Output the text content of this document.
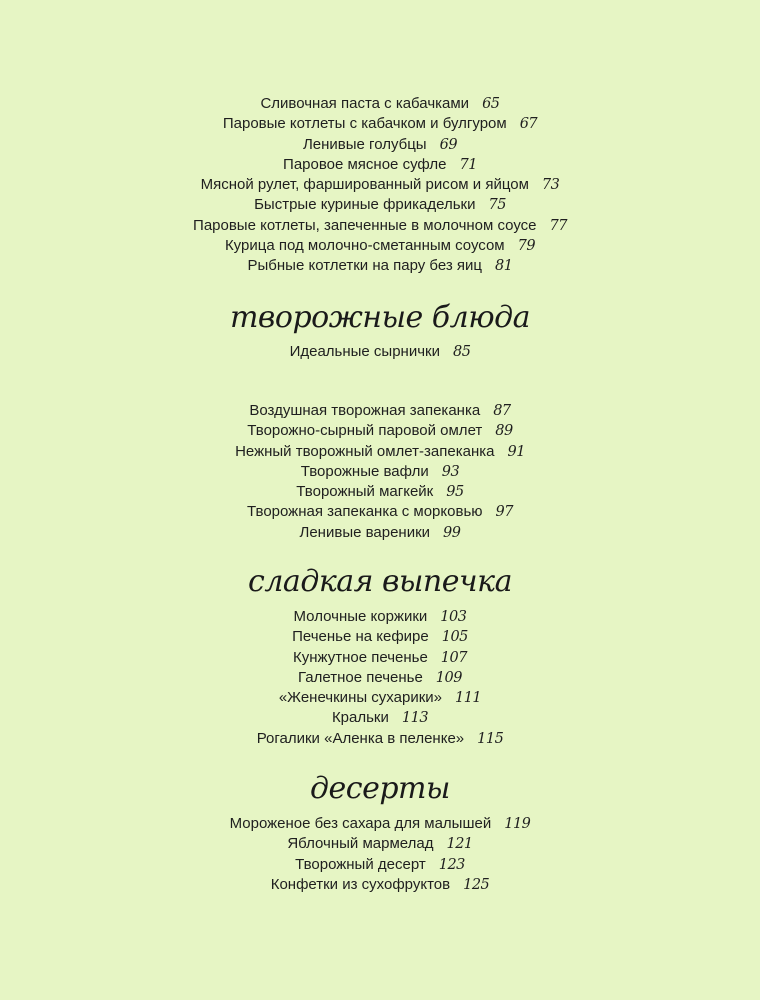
Сливочная паста с кабачками 65
Паровые котлеты с кабачком и булгуром 67
Ленивые голубцы 69
Паровое мясное суфле 71
Мясной рулет, фаршированный рисом и яйцом 73
Быстрые куриные фрикадельки 75
Паровые котлеты, запеченные в молочном соусе 77
Курица под молочно-сметанным соусом 79
Рыбные котлетки на пару без яиц 81
творожные блюда
Идеальные сырнички 85
Воздушная творожная запеканка 87
Творожно-сырный паровой омлет 89
Нежный творожный омлет-запеканка 91
Творожные вафли 93
Творожный магкейк 95
Творожная запеканка с морковью 97
Ленивые вареники 99
сладкая выпечка
Молочные коржики 103
Печенье на кефире 105
Кунжутное печенье 107
Галетное печенье 109
«Женечкины сухарики» 111
Кральки 113
Рогалики «Аленка в пеленке» 115
десерты
Мороженое без сахара для малышей 119
Яблочный мармелад 121
Творожный десерт 123
Конфетки из сухофруктов 125
